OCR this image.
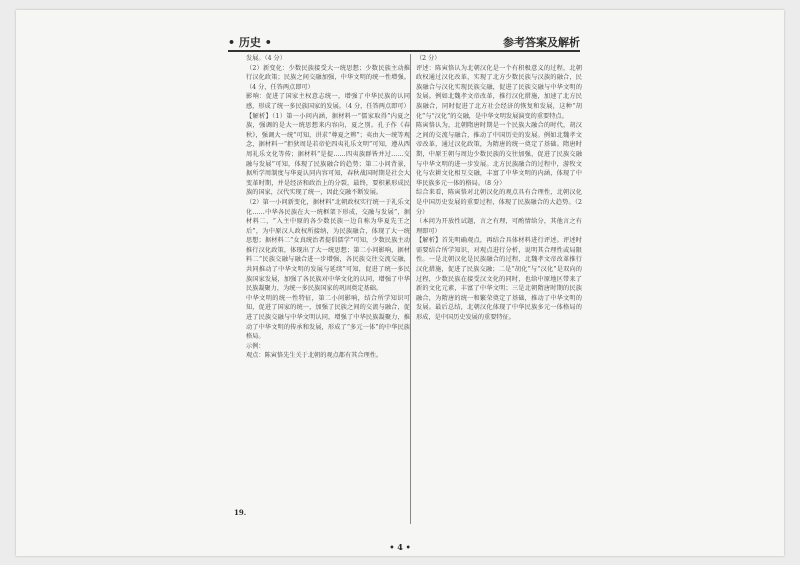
• 历史 •	参考答案及解析

发展。（4 分）

（2）新变化：少数民族接受大一统思想；少数民族主动推行汉化政策；民族之间交融加强，中华文明的统一性增强。（4 分，任答两点即可）

影响：促进了国家主权意志统一，增强了中华民族的认同感，形成了统一多民族国家的发展。（4 分，任答两点即可）

【解析】（1）第一小问内涵，据材料一“儒家取得”内夏之族，强调的是大一统思想来内容向，夏之别。孔子作《春秋》，强调大一统“可知，讲求“尊夏之辨”；夷由大一统等观念，据材料一“拒狄周是若帝伦四夷礼乐文明”可知，遵从西周礼乐文化等传；据材料“是提……四夷族群皆并过……交融与发展”可知，体现了民族融合的趋势；第二小问背景，据所学周制度与华夏认同内容可知，春秋战国时期是社会大变革时期，并是经济和政治上的分裂，最终，要积累形成民族的国家，汉代实现了统一，因此交融不断发展。

（2）第一小问新变化，据材料“北朝政权实行统一于礼乐文化……中华各民族在大一统框架下形成，交融与发展”，据材料二，“入主中原的各少数民族一边自称为华夏先王之后”，为中原汉人政权所接纳，为民族融合，体现了大一统思想；据材料二“女真统治者提倡儒学”可知，少数民族主动推行汉化政策，体现出了大一统思想；第二小问影响，据材料二“民族交融与融合进一步增强，各民族交往交流交融，共同推动了中华文明的发展与延续”可知，促进了统一多民族国家发展，加强了各民族对中华文化的认同，增强了中华民族凝聚力，为统一多民族国家的巩固奠定基础。

中华文明的统一性特征，第二小问影响，结合所学知识可知，促进了国家的统一，加强了民族之间的交流与融合，促进了民族交融与中华文明认同，增强了中华民族凝聚力，推动了中华文明的传承和发展，形成了“多元一体”的中华民族格局。

示例：

观点：陈寅恪先生关于北朝的观点都有其合理性。

（2 分）

评述：陈寅恪认为北朝汉化是一个有积极意义的过程，北朝政权通过汉化改革，实现了北方少数民族与汉族的融合，民族融合与汉化实现民族交融，促进了民族交融与中华文明的发展。例如北魏孝文帝改革，推行汉化措施，加速了北方民族融合，同时促进了北方社会经济的恢复和发展，这种“胡化”与“汉化”的交融，是中华文明发展演变的重要特点。

陈寅恪认为，北朝隋唐时期是一个民族大融合的时代，胡汉之间的交流与融合，推动了中国历史的发展。例如北魏孝文帝改革，通过汉化政策，为隋唐的统一奠定了基础。隋唐时期，中原王朝与周边少数民族的交往加强，促进了民族交融与中华文明的进一步发展。北方民族融合的过程中，游牧文化与农耕文化相互交融，丰富了中华文明的内涵，体现了中华民族多元一体的格局。（8 分）

综合来看，陈寅恪对北朝汉化的观点具有合理性，北朝汉化是中国历史发展的重要过程，体现了民族融合的大趋势。（2 分）

（本问为开放性试题，言之有理，可酌情给分，其他言之有理即可）

【解析】首先明确观点，再结合具体材料进行评述。评述时需要结合所学知识，对观点进行分析，说明其合理性或局限性。一是北朝汉化是民族融合的过程，北魏孝文帝改革推行汉化措施，促进了民族交融；二是“胡化”与“汉化”是双向的过程，少数民族在接受汉文化的同时，也给中原地区带来了新的文化元素，丰富了中华文明；三是北朝隋唐时期的民族融合，为隋唐的统一和繁荣奠定了基础，推动了中华文明的发展。最后总结，北朝汉化体现了中华民族多元一体格局的形成，是中国历史发展的重要特征。

19.
• 4 •
